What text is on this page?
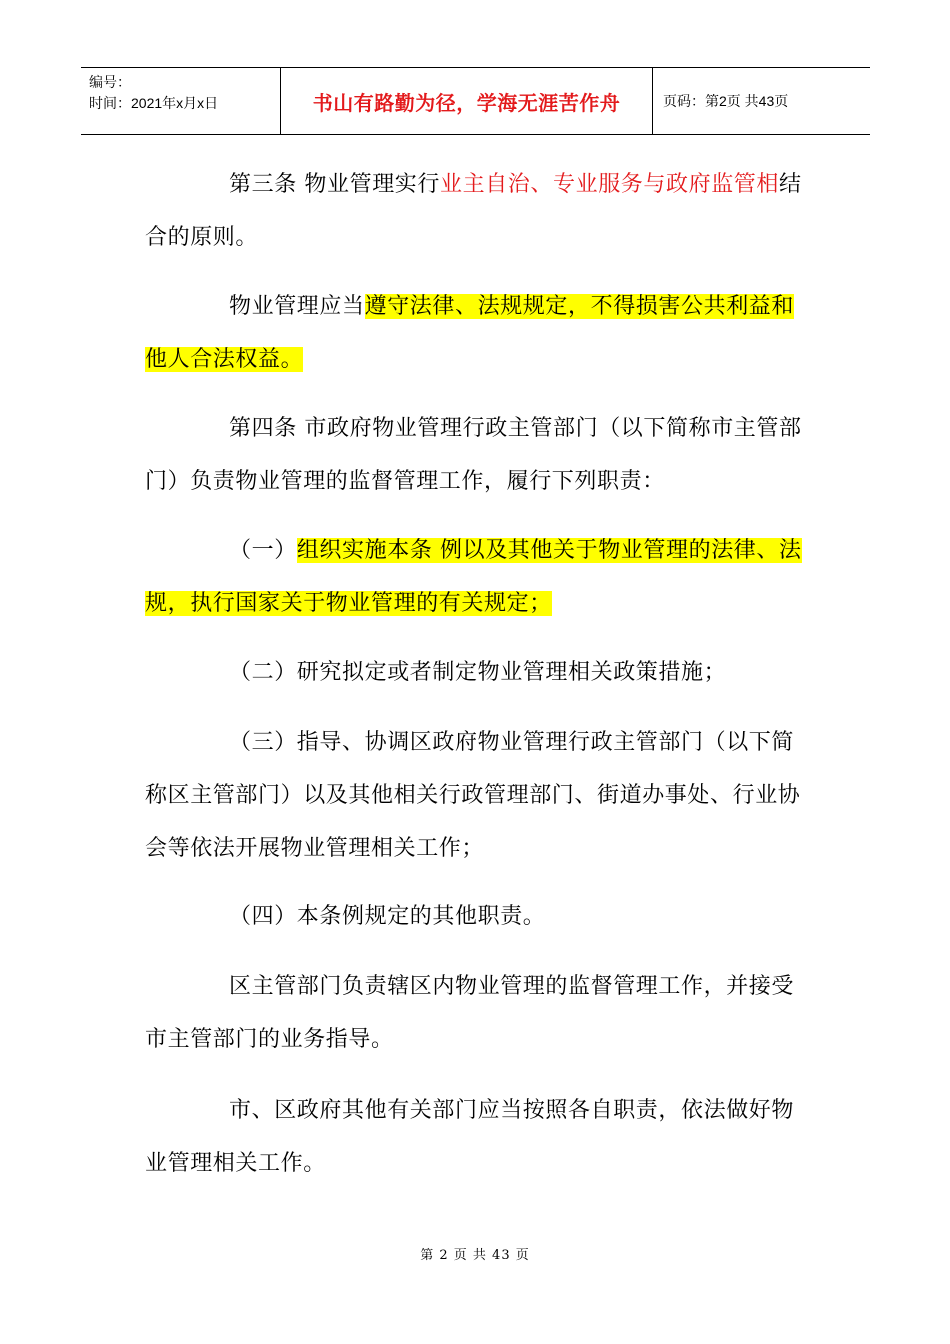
编号：
时间：2021年x月x日	书山有路勤为径，学海无涯苦作舟	页码：第2页 共43页
第三条 物业管理实行业主自治、专业服务与政府监管相结合的原则。
物业管理应当遵守法律、法规规定，不得损害公共利益和他人合法权益。
第四条 市政府物业管理行政主管部门（以下简称市主管部门）负责物业管理的监督管理工作，履行下列职责：
（一）组织实施本条 例以及其他关于物业管理的法律、法规，执行国家关于物业管理的有关规定；
（二）研究拟定或者制定物业管理相关政策措施；
（三）指导、协调区政府物业管理行政主管部门（以下简称区主管部门）以及其他相关行政管理部门、街道办事处、行业协会等依法开展物业管理相关工作；
（四）本条例规定的其他职责。
区主管部门负责辖区内物业管理的监督管理工作，并接受市主管部门的业务指导。
市、区政府其他有关部门应当按照各自职责，依法做好物业管理相关工作。
第 2 页 共 43 页
